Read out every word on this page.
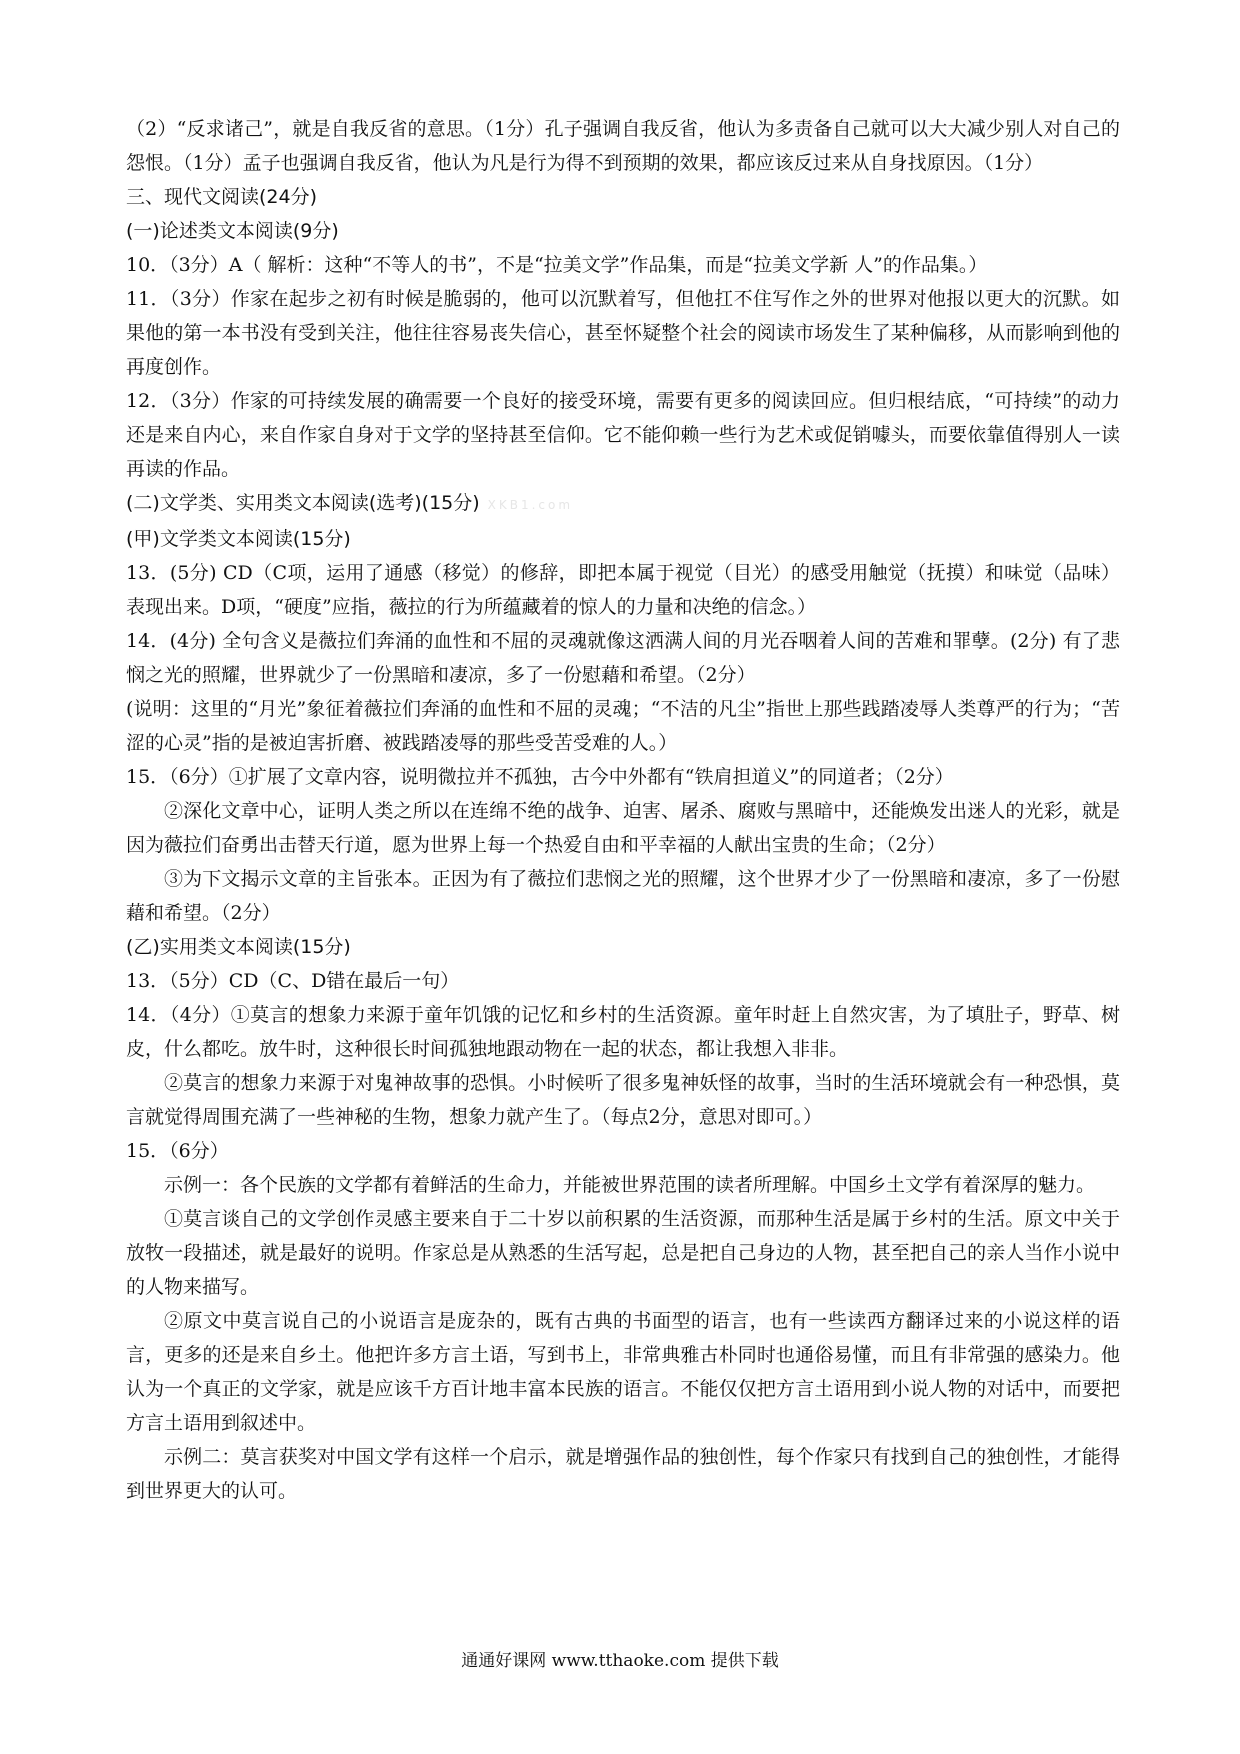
（2）“反求诸己”，就是自我反省的意思。（1分）孔子强调自我反省，他认为多责备自己就可以大大减少别人对自己的怨恨。（1分）孟子也强调自我反省，他认为凡是行为得不到预期的效果，都应该反过来从自身找原因。（1分）

三、现代文阅读(24分)

(一)论述类文本阅读(9分)

10．（3分）A（ 解析：这种“不等人的书”，不是“拉美文学”作品集，而是“拉美文学新 人”的作品集。）

11．（3分）作家在起步之初有时候是脆弱的，他可以沉默着写，但他扛不住写作之外的世界对他报以更大的沉默。如果他的第一本书没有受到关注，他往往容易丧失信心，甚至怀疑整个社会的阅读市场发生了某种偏移，从而影响到他的再度创作。

12．（3分）作家的可持续发展的确需要一个良好的接受环境，需要有更多的阅读回应。但归根结底，“可持续”的动力还是来自内心，来自作家自身对于文学的坚持甚至信仰。它不能仰赖一些行为艺术或促销噱头，而要依靠值得别人一读再读的作品。

(二)文学类、实用类文本阅读(选考)(15分) XKB1.com

(甲)文学类文本阅读(15分)

13．(5分) CD（C项，运用了通感（移觉）的修辞，即把本属于视觉（目光）的感受用触觉（抚摸）和味觉（品味）表现出来。D项，“硬度”应指，薇拉的行为所蕴藏着的惊人的力量和决绝的信念。）

14．(4分) 全句含义是薇拉们奔涌的血性和不屈的灵魂就像这洒满人间的月光吞咽着人间的苦难和罪孽。(2分) 有了悲悯之光的照耀，世界就少了一份黑暗和凄凉，多了一份慰藉和希望。（2分）

(说明：这里的“月光”象征着薇拉们奔涌的血性和不屈的灵魂；“不洁的凡尘”指世上那些践踏凌辱人类尊严的行为；“苦涩的心灵”指的是被迫害折磨、被践踏凌辱的那些受苦受难的人。）

15．（6分）①扩展了文章内容，说明微拉并不孤独，古今中外都有“铁肩担道义”的同道者；（2分）

②深化文章中心，证明人类之所以在连绵不绝的战争、迫害、屠杀、腐败与黑暗中，还能焕发出迷人的光彩，就是因为薇拉们奋勇出击替天行道，愿为世界上每一个热爱自由和平幸福的人献出宝贵的生命；（2分）

③为下文揭示文章的主旨张本。正因为有了薇拉们悲悯之光的照耀，这个世界才少了一份黑暗和凄凉，多了一份慰藉和希望。（2分）

(乙)实用类文本阅读(15分)

13．（5分）CD（C、D错在最后一句）

14．（4分）①莫言的想象力来源于童年饥饿的记忆和乡村的生活资源。童年时赶上自然灾害，为了填肚子，野草、树皮，什么都吃。放牛时，这种很长时间孤独地跟动物在一起的状态，都让我想入非非。

②莫言的想象力来源于对鬼神故事的恐惧。小时候听了很多鬼神妖怪的故事，当时的生活环境就会有一种恐惧，莫言就觉得周围充满了一些神秘的生物，想象力就产生了。（每点2分，意思对即可。）

15．（6分）

示例一：各个民族的文学都有着鲜活的生命力，并能被世界范围的读者所理解。中国乡土文学有着深厚的魅力。

①莫言谈自己的文学创作灵感主要来自于二十岁以前积累的生活资源，而那种生活是属于乡村的生活。原文中关于放牧一段描述，就是最好的说明。作家总是从熟悉的生活写起，总是把自己身边的人物，甚至把自己的亲人当作小说中的人物来描写。

②原文中莫言说自己的小说语言是庞杂的，既有古典的书面型的语言，也有一些读西方翻译过来的小说这样的语言，更多的还是来自乡土。他把许多方言土语，写到书上，非常典雅古朴同时也通俗易懂，而且有非常强的感染力。他认为一个真正的文学家，就是应该千方百计地丰富本民族的语言。不能仅仅把方言土语用到小说人物的对话中，而要把方言土语用到叙述中。

示例二：莫言获奖对中国文学有这样一个启示，就是增强作品的独创性，每个作家只有找到自己的独创性，才能得到世界更大的认可。

通通好课网 www.tthaoke.com 提供下载
